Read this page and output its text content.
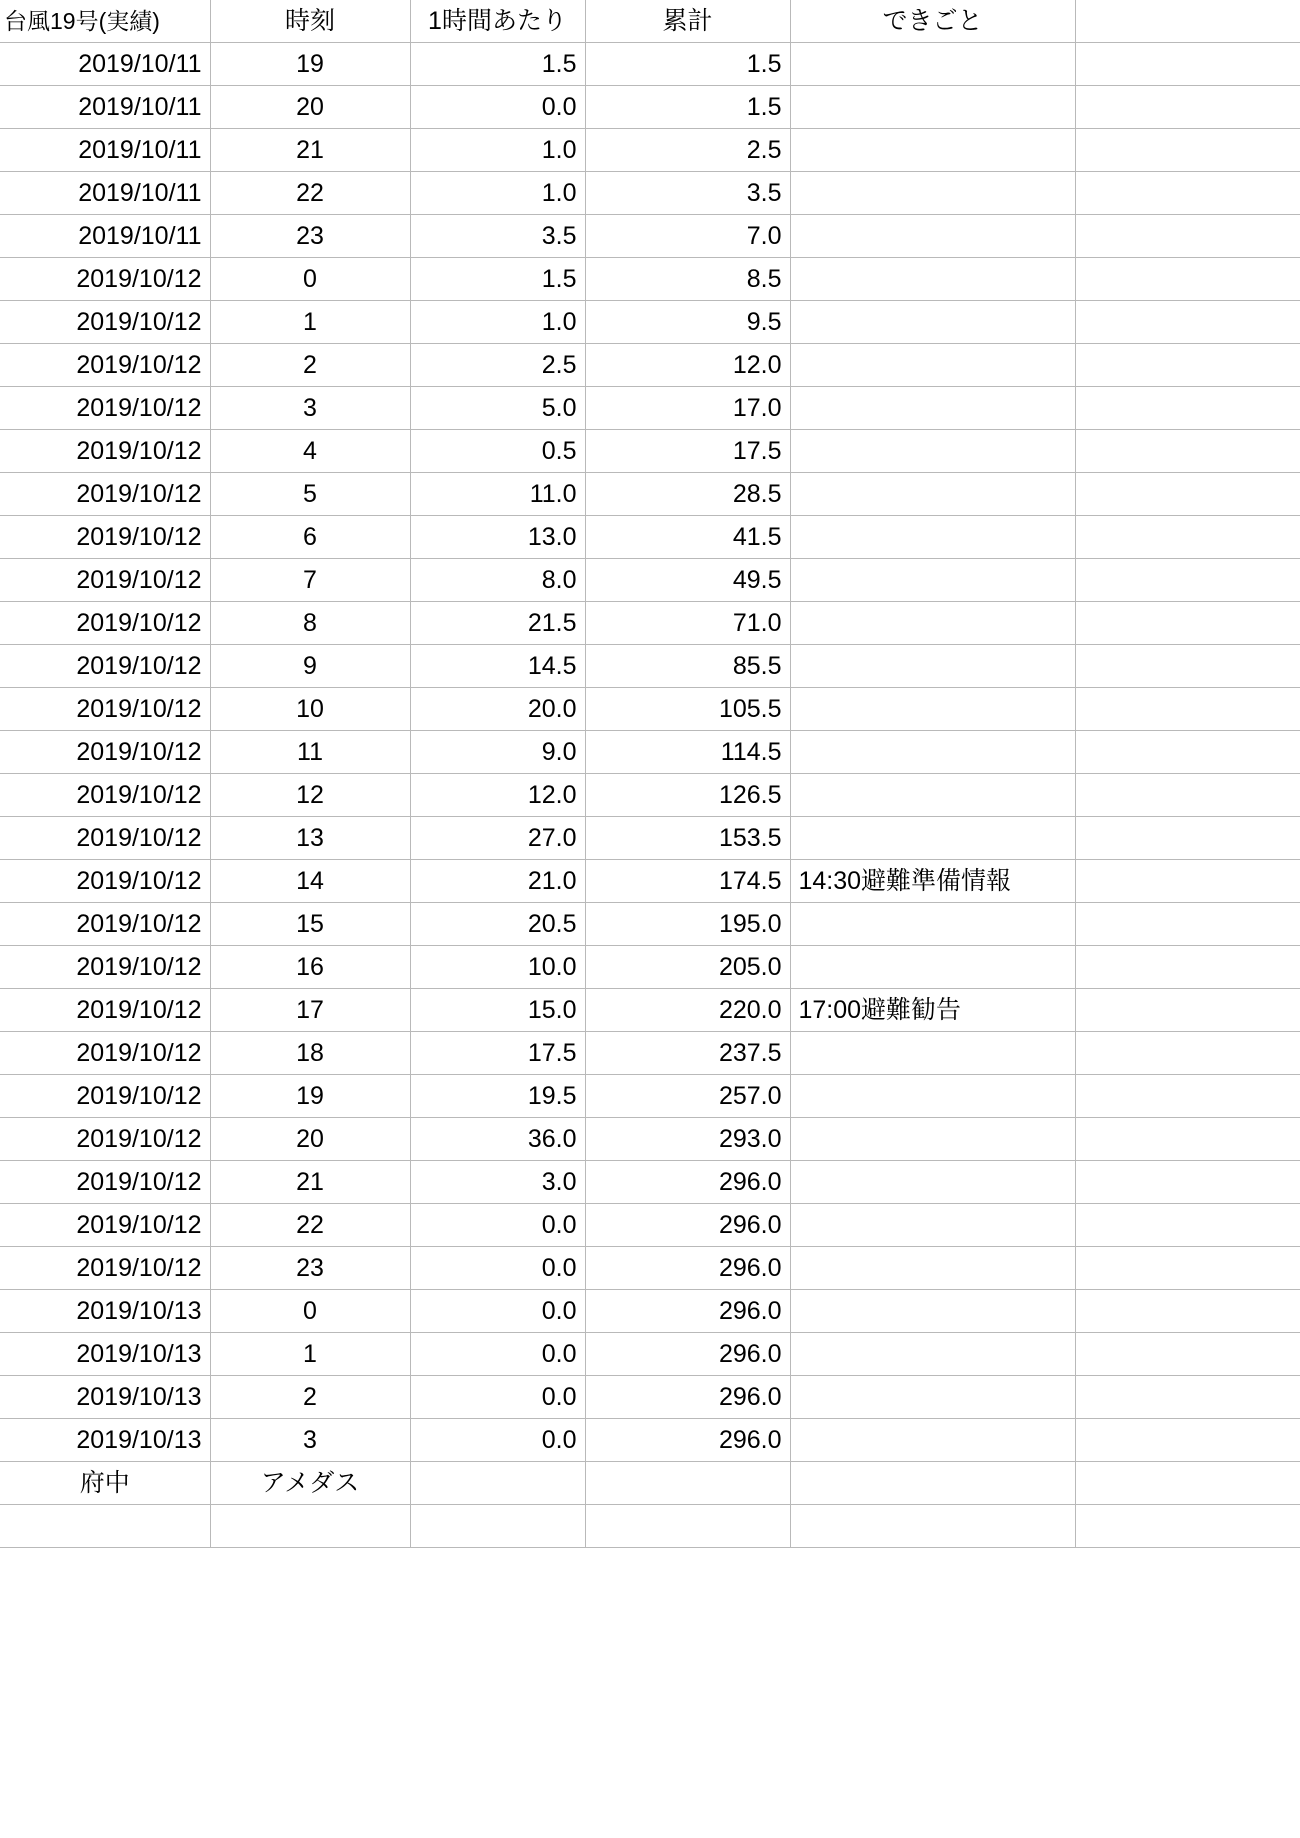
台風19号(実績)	時刻	1時間あたり	累計	できごと	
2019/10/11	19	1.5	1.5		
2019/10/11	20	0.0	1.5		
2019/10/11	21	1.0	2.5		
2019/10/11	22	1.0	3.5		
2019/10/11	23	3.5	7.0		
2019/10/12	0	1.5	8.5		
2019/10/12	1	1.0	9.5		
2019/10/12	2	2.5	12.0		
2019/10/12	3	5.0	17.0		
2019/10/12	4	0.5	17.5		
2019/10/12	5	11.0	28.5		
2019/10/12	6	13.0	41.5		
2019/10/12	7	8.0	49.5		
2019/10/12	8	21.5	71.0		
2019/10/12	9	14.5	85.5		
2019/10/12	10	20.0	105.5		
2019/10/12	11	9.0	114.5		
2019/10/12	12	12.0	126.5		
2019/10/12	13	27.0	153.5		
2019/10/12	14	21.0	174.5	14:30避難準備情報	
2019/10/12	15	20.5	195.0		
2019/10/12	16	10.0	205.0		
2019/10/12	17	15.0	220.0	17:00避難勧告	
2019/10/12	18	17.5	237.5		
2019/10/12	19	19.5	257.0		
2019/10/12	20	36.0	293.0		
2019/10/12	21	3.0	296.0		
2019/10/12	22	0.0	296.0		
2019/10/12	23	0.0	296.0		
2019/10/13	0	0.0	296.0		
2019/10/13	1	0.0	296.0		
2019/10/13	2	0.0	296.0		
2019/10/13	3	0.0	296.0		
府中	アメダス				
